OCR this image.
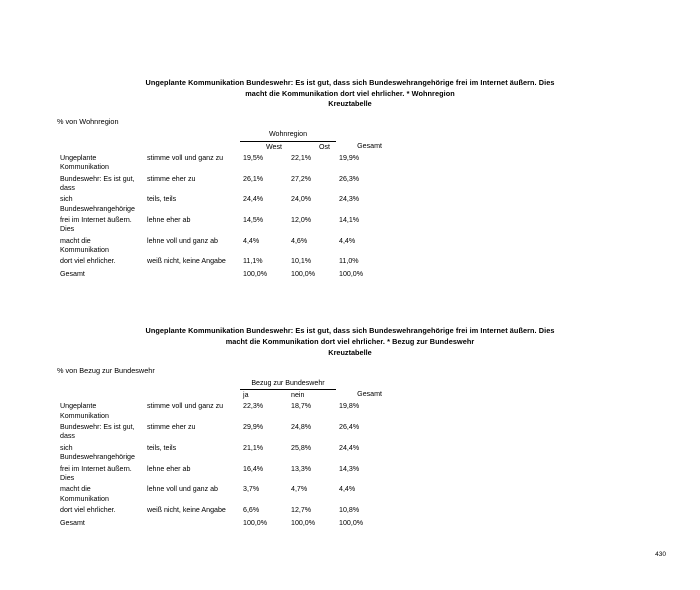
Ungeplante Kommunikation Bundeswehr: Es ist gut, dass sich Bundeswehrangehörige frei im Internet äußern. Dies macht die Kommunikation dort viel ehrlicher. * Wohnregion
Kreuztabelle
% von Wohnregion
		Wohnregion		
		West	Ost	Gesamt
Ungeplante Kommunikation	stimme voll und ganz zu	19,5%	22,1%	19,9%
Bundeswehr: Es ist gut, dass	stimme eher zu	26,1%	27,2%	26,3%
sich Bundeswehrangehörige	teils, teils	24,4%	24,0%	24,3%
frei im Internet äußern. Dies	lehne eher ab	14,5%	12,0%	14,1%
macht die Kommunikation	lehne voll und ganz ab	4,4%	4,6%	4,4%
dort viel ehrlicher.	weiß nicht, keine Angabe	11,1%	10,1%	11,0%
Gesamt		100,0%	100,0%	100,0%
Ungeplante Kommunikation Bundeswehr: Es ist gut, dass sich Bundeswehrangehörige frei im Internet äußern. Dies macht die Kommunikation dort viel ehrlicher. * Bezug zur Bundeswehr
Kreuztabelle
% von Bezug zur Bundeswehr
		Bezug zur Bundeswehr		
		ja	nein	Gesamt
Ungeplante Kommunikation	stimme voll und ganz zu	22,3%	18,7%	19,8%
Bundeswehr: Es ist gut, dass	stimme eher zu	29,9%	24,8%	26,4%
sich Bundeswehrangehörige	teils, teils	21,1%	25,8%	24,4%
frei im Internet äußern. Dies	lehne eher ab	16,4%	13,3%	14,3%
macht die Kommunikation	lehne voll und ganz ab	3,7%	4,7%	4,4%
dort viel ehrlicher.	weiß nicht, keine Angabe	6,6%	12,7%	10,8%
Gesamt		100,0%	100,0%	100,0%
430
